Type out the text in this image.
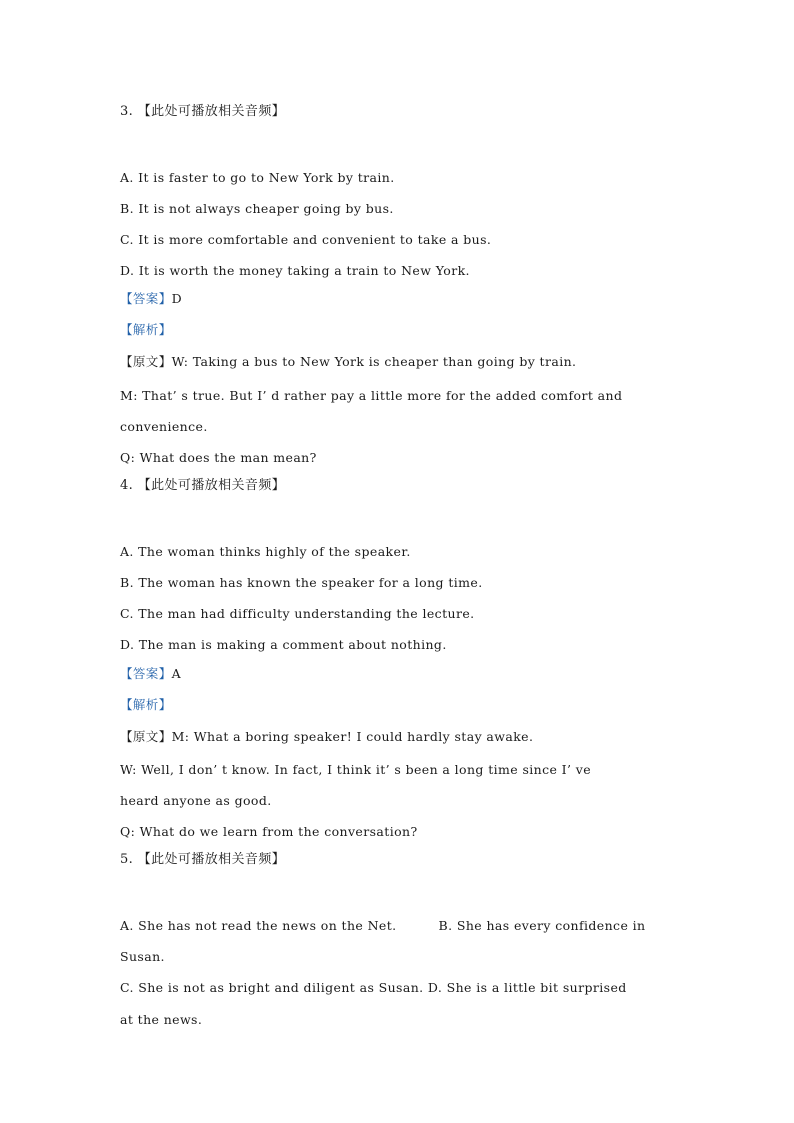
3. 【此处可播放相关音频】
A. It is faster to go to New York by train.
B. It is not always cheaper going by bus.
C. It is more comfortable and convenient to take a bus.
D. It is worth the money taking a train to New York.
【答案】D
【解析】
【原文】W: Taking a bus to New York is cheaper than going by train.
M: That’ s true. But I’ d rather pay a little more for the added comfort and
convenience.
Q: What does the man mean?
4. 【此处可播放相关音频】
A. The woman thinks highly of the speaker.
B. The woman has known the speaker for a long time.
C. The man had difficulty understanding the lecture.
D. The man is making a comment about nothing.
【答案】A
【解析】
【原文】M: What a boring speaker! I could hardly stay awake.
W: Well, I don’ t know. In fact, I think it’ s been a long time since I’ ve
heard anyone as good.
Q: What do we learn from the conversation?
5. 【此处可播放相关音频】
A. She has not read the news on the Net.	B. She has every confidence in
Susan.
C. She is not as bright and diligent as Susan. D. She is a little bit surprised
at the news.
